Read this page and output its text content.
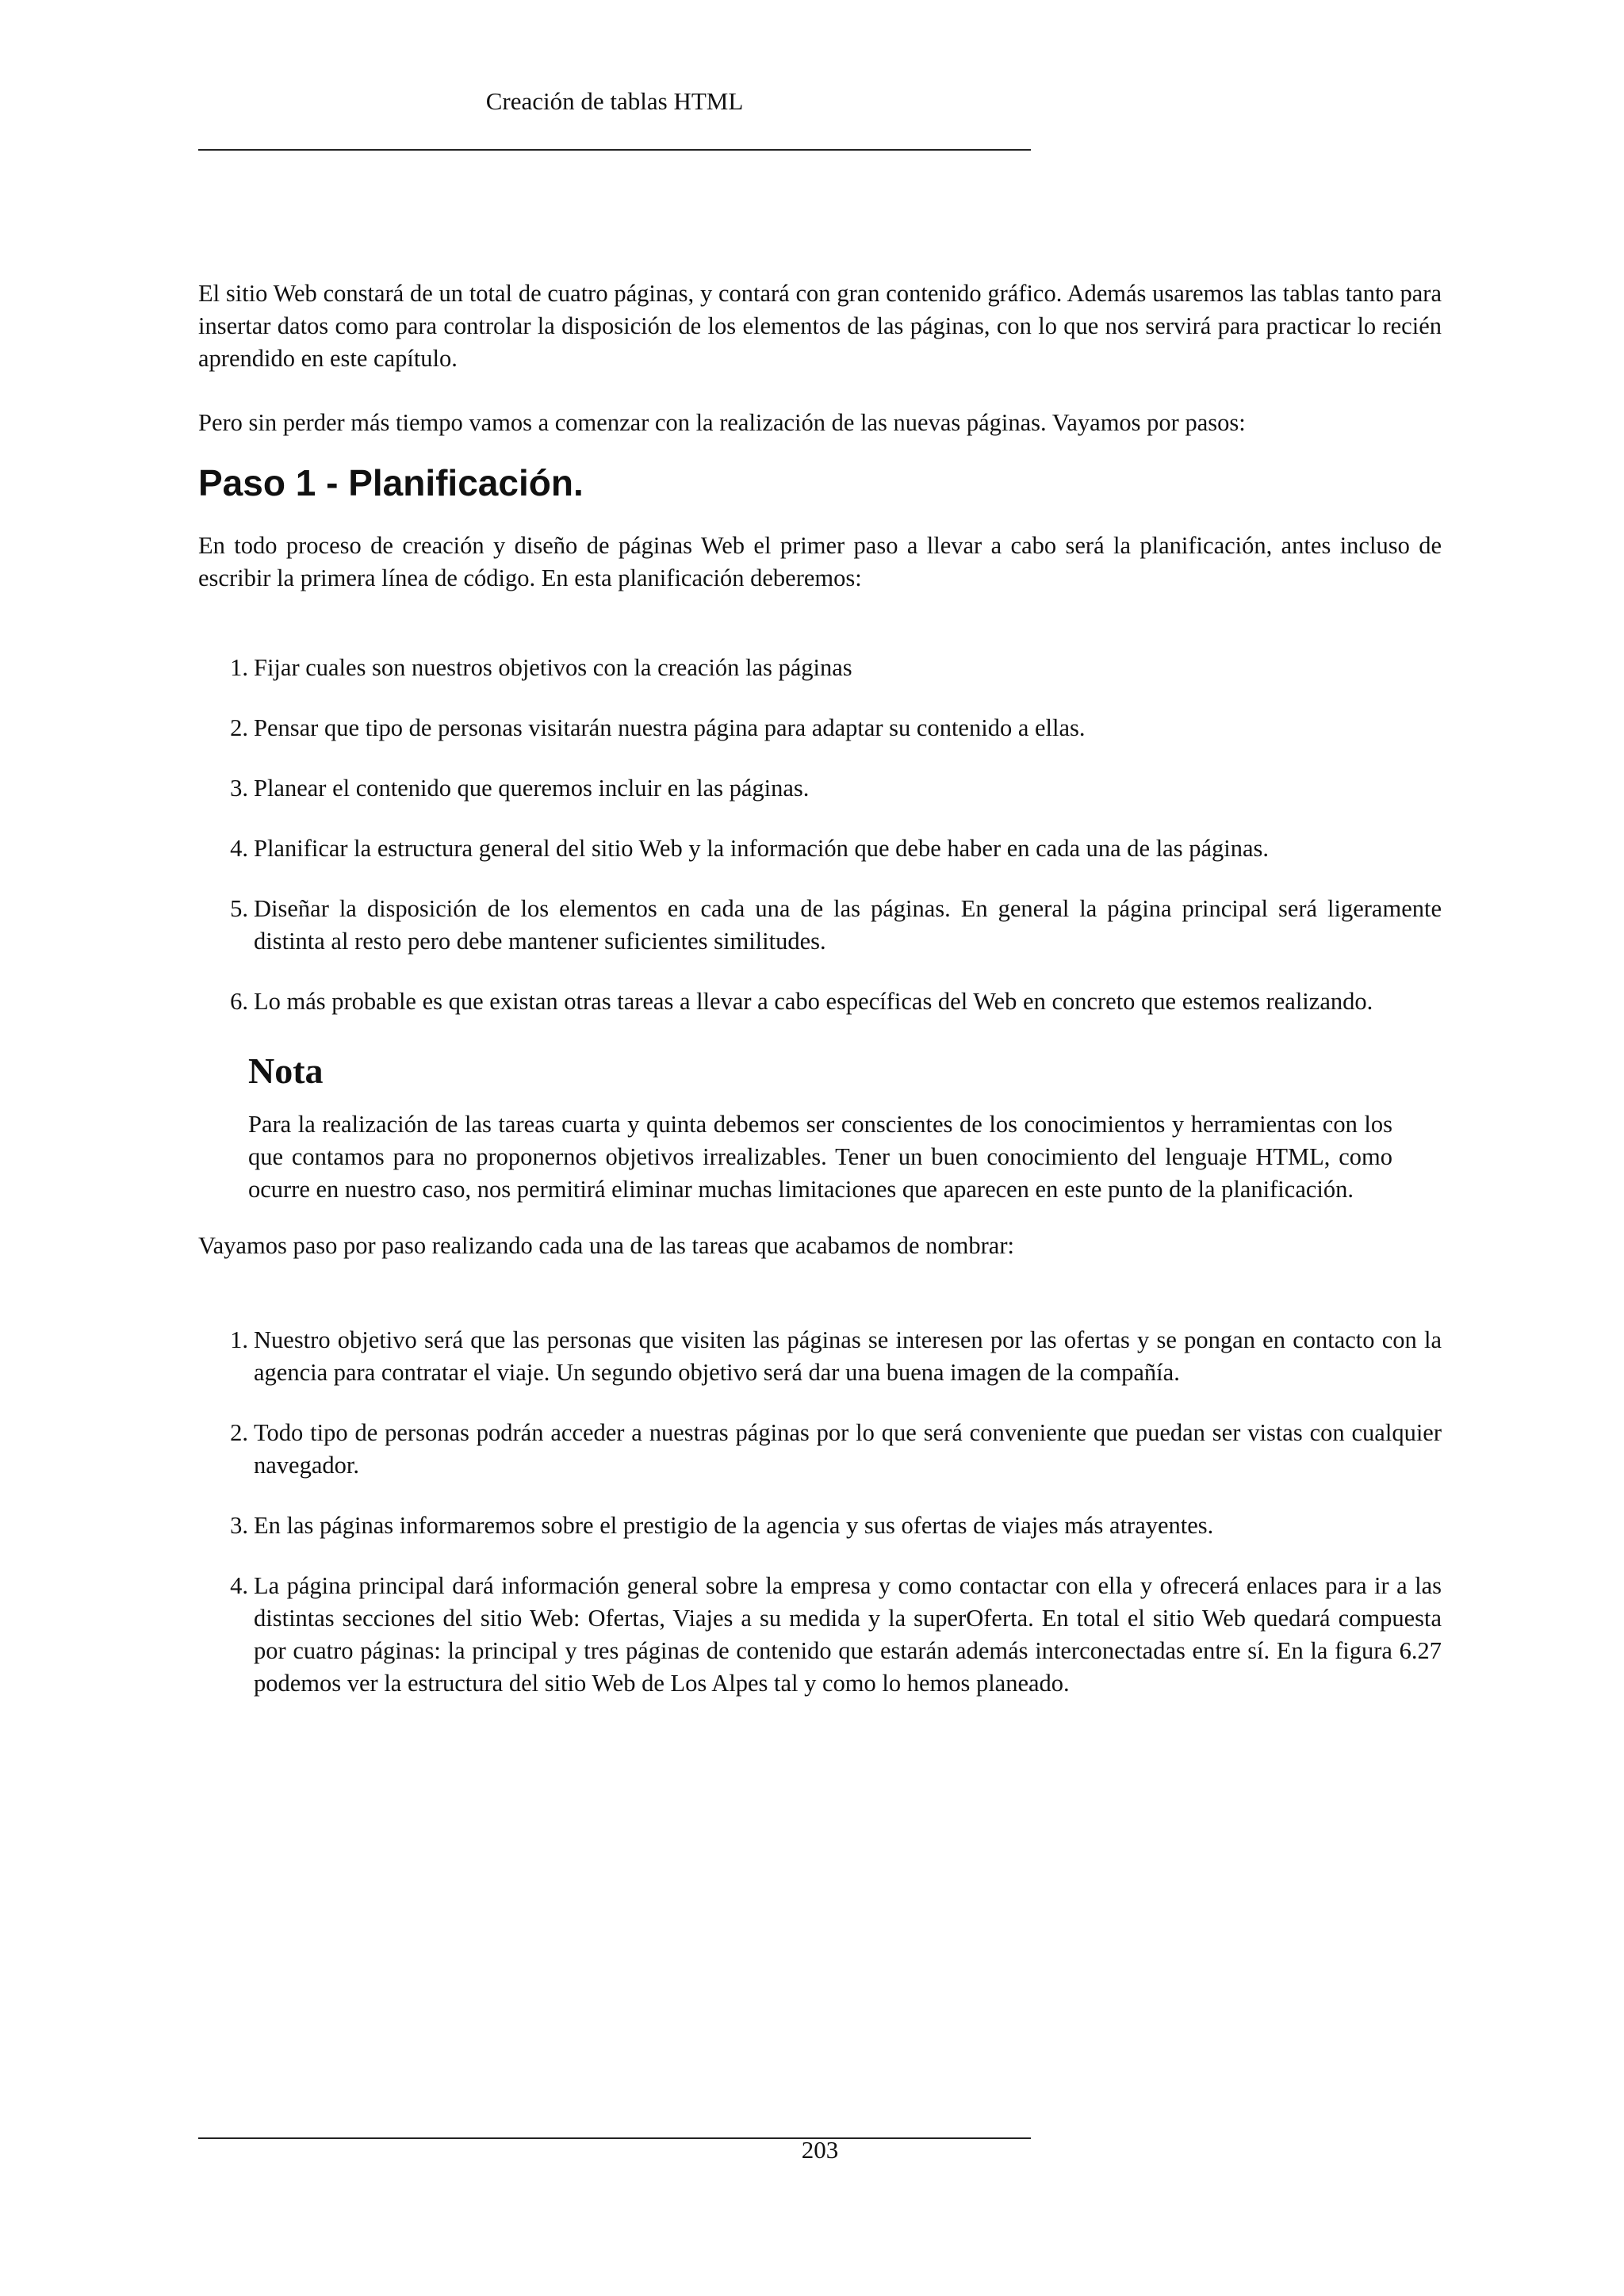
Creación de tablas HTML

El sitio Web constará de un total de cuatro páginas, y contará con gran contenido gráfico. Además usaremos las tablas tanto para insertar datos como para controlar la disposición de los elementos de las páginas, con lo que nos servirá para practicar lo recién aprendido en este capítulo.

Pero sin perder más tiempo vamos a comenzar con la realización de las nuevas páginas. Vayamos por pasos:

Paso 1 - Planificación.

En todo proceso de creación y diseño de páginas Web el primer paso a llevar a cabo será la planificación, antes incluso de escribir la primera línea de código. En esta planificación deberemos:

1. Fijar cuales son nuestros objetivos con la creación las páginas
2. Pensar que tipo de personas visitarán nuestra página para adaptar su contenido a ellas.
3. Planear el contenido que queremos incluir en las páginas.
4. Planificar la estructura general del sitio Web y la información que debe haber en cada una de las páginas.
5. Diseñar la disposición de los elementos en cada una de las páginas. En general la página principal será ligeramente distinta al resto pero debe mantener suficientes similitudes.
6. Lo más probable es que existan otras tareas a llevar a cabo específicas del Web en concreto que estemos realizando.
Nota

Para la realización de las tareas cuarta y quinta debemos ser conscientes de los conocimientos y herramientas con los que contamos para no proponernos objetivos irrealizables. Tener un buen conocimiento del lenguaje HTML, como ocurre en nuestro caso, nos permitirá eliminar muchas limitaciones que aparecen en este punto de la planificación.

Vayamos paso por paso realizando cada una de las tareas que acabamos de nombrar:

1. Nuestro objetivo será que las personas que visiten las páginas se interesen por las ofertas y se pongan en contacto con la agencia para contratar el viaje. Un segundo objetivo será dar una buena imagen de la compañía.
2. Todo tipo de personas podrán acceder a nuestras páginas por lo que será conveniente que puedan ser vistas con cualquier navegador.
3. En las páginas informaremos sobre el prestigio de la agencia y sus ofertas de viajes más atrayentes.
4. La página principal dará información general sobre la empresa y como contactar con ella y ofrecerá enlaces para ir a las distintas secciones del sitio Web: Ofertas, Viajes a su medida y la superOferta. En total el sitio Web quedará compuesta por cuatro páginas: la principal y tres páginas de contenido que estarán además interconectadas entre sí. En la figura 6.27 podemos ver la estructura del sitio Web de Los Alpes tal y como lo hemos planeado.
203
